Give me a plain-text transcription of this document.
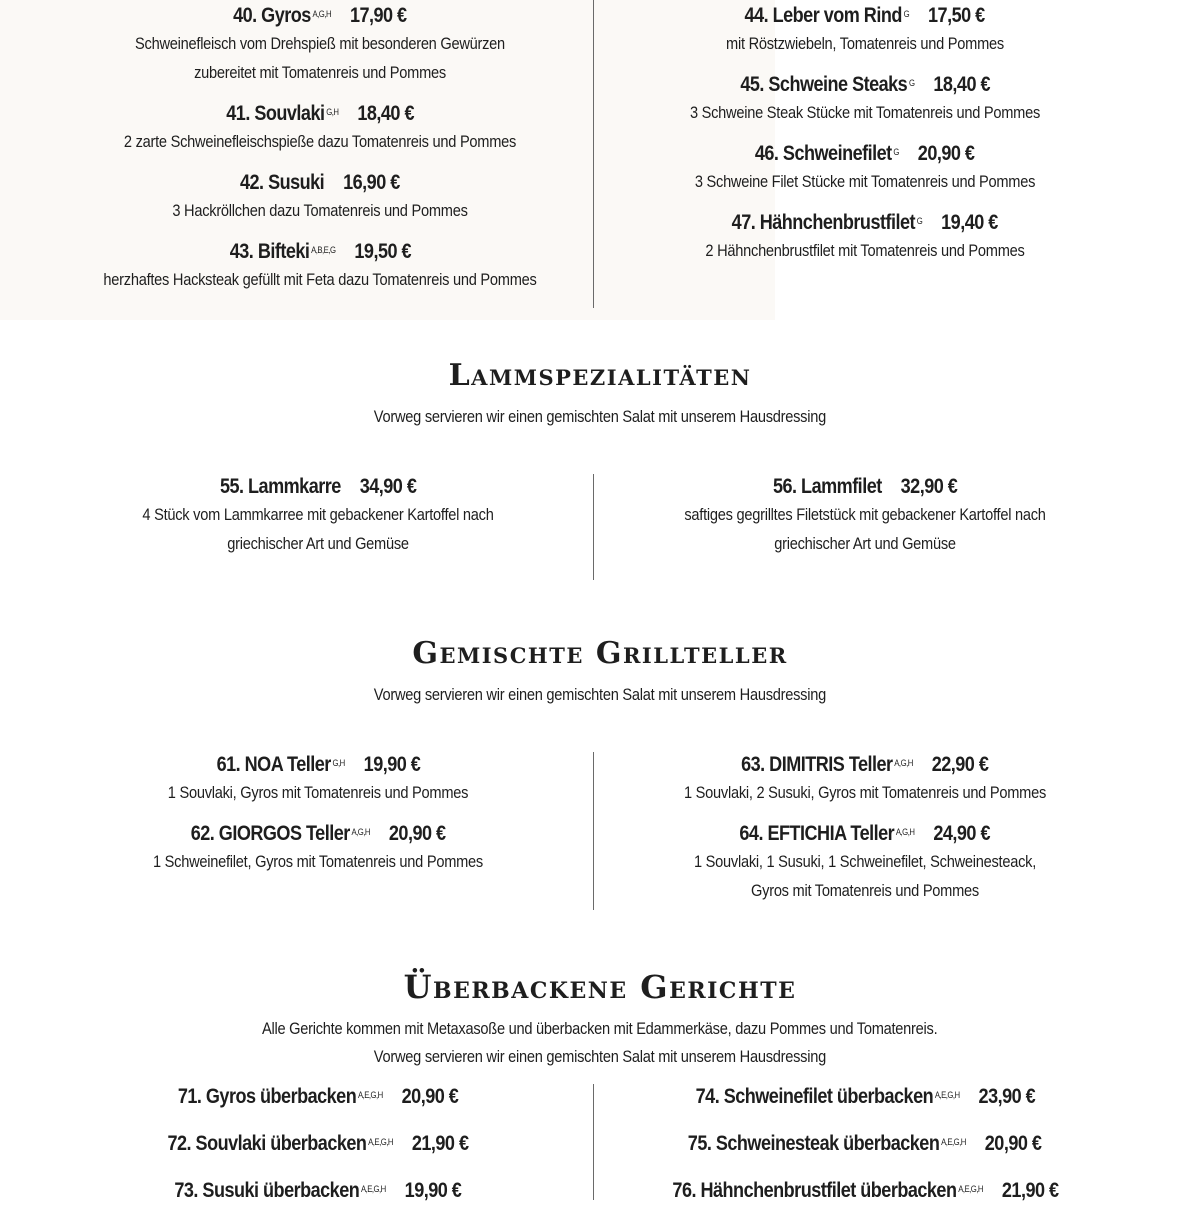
40. Gyros $^{A,G,H}$ 17,90 €
Schweinefleisch vom Drehspieß mit besonderen Gewürzen
zubereitet mit Tomatenreis und Pommes
41. Souvlaki $^{G,H}$ 18,40 €
2 zarte Schweinefleischspieße dazu Tomatenreis und Pommes
42. Susuki 16,90 €
3 Hackröllchen dazu Tomatenreis und Pommes
43. Bifteki $^{A,B,E,G}$ 19,50 €
herzhaftes Hacksteak gefüllt mit Feta dazu Tomatenreis und Pommes
44. Leber vom Rind $^G$ 17,50 €
mit Röstzwiebeln, Tomatenreis und Pommes
45. Schweine Steaks $^G$ 18,40 €
3 Schweine Steak Stücke mit Tomatenreis und Pommes
46. Schweinefilet $^G$ 20,90 €
3 Schweine Filet Stücke mit Tomatenreis und Pommes
47. Hähnchenbrustfilet $^G$ 19,40 €
2 Hähnchenbrustfilet mit Tomatenreis und Pommes
Lammspezialitäten
Vorweg servieren wir einen gemischten Salat mit unserem Hausdressing
55. Lammkarre 34,90 €
4 Stück vom Lammkarree mit gebackener Kartoffel nach
griechischer Art und Gemüse
56. Lammfilet 32,90 €
saftiges gegrilltes Filetstück mit gebackener Kartoffel nach
griechischer Art und Gemüse
Gemischte Grillteller
Vorweg servieren wir einen gemischten Salat mit unserem Hausdressing
61. NOA Teller $^{G,H}$ 19,90 €
1 Souvlaki, Gyros mit Tomatenreis und Pommes
62. GIORGOS Teller $^{A,G,H}$ 20,90 €
1 Schweinefilet, Gyros mit Tomatenreis und Pommes
63. DIMITRIS Teller $^{A,G,H}$ 22,90 €
1 Souvlaki, 2 Susuki, Gyros mit Tomatenreis und Pommes
64. EFTICHIA Teller $^{A,G,H}$ 24,90 €
1 Souvlaki, 1 Susuki, 1 Schweinefilet, Schweinesteack,
Gyros mit Tomatenreis und Pommes
Überbackene Gerichte
Alle Gerichte kommen mit Metaxasoße und überbacken mit Edammerkäse, dazu Pommes und Tomatenreis.
Vorweg servieren wir einen gemischten Salat mit unserem Hausdressing
71. Gyros überbacken $^{A,E,G,H}$ 20,90 €
72. Souvlaki überbacken $^{A,E,G,H}$ 21,90 €
73. Susuki überbacken $^{A,E,G,H}$ 19,90 €
74. Schweinefilet überbacken $^{A,E,G,H}$ 23,90 €
75. Schweinesteak überbacken $^{A,E,G,H}$ 20,90 €
76. Hähnchenbrustfilet überbacken $^{A,E,G,H}$ 21,90 €
